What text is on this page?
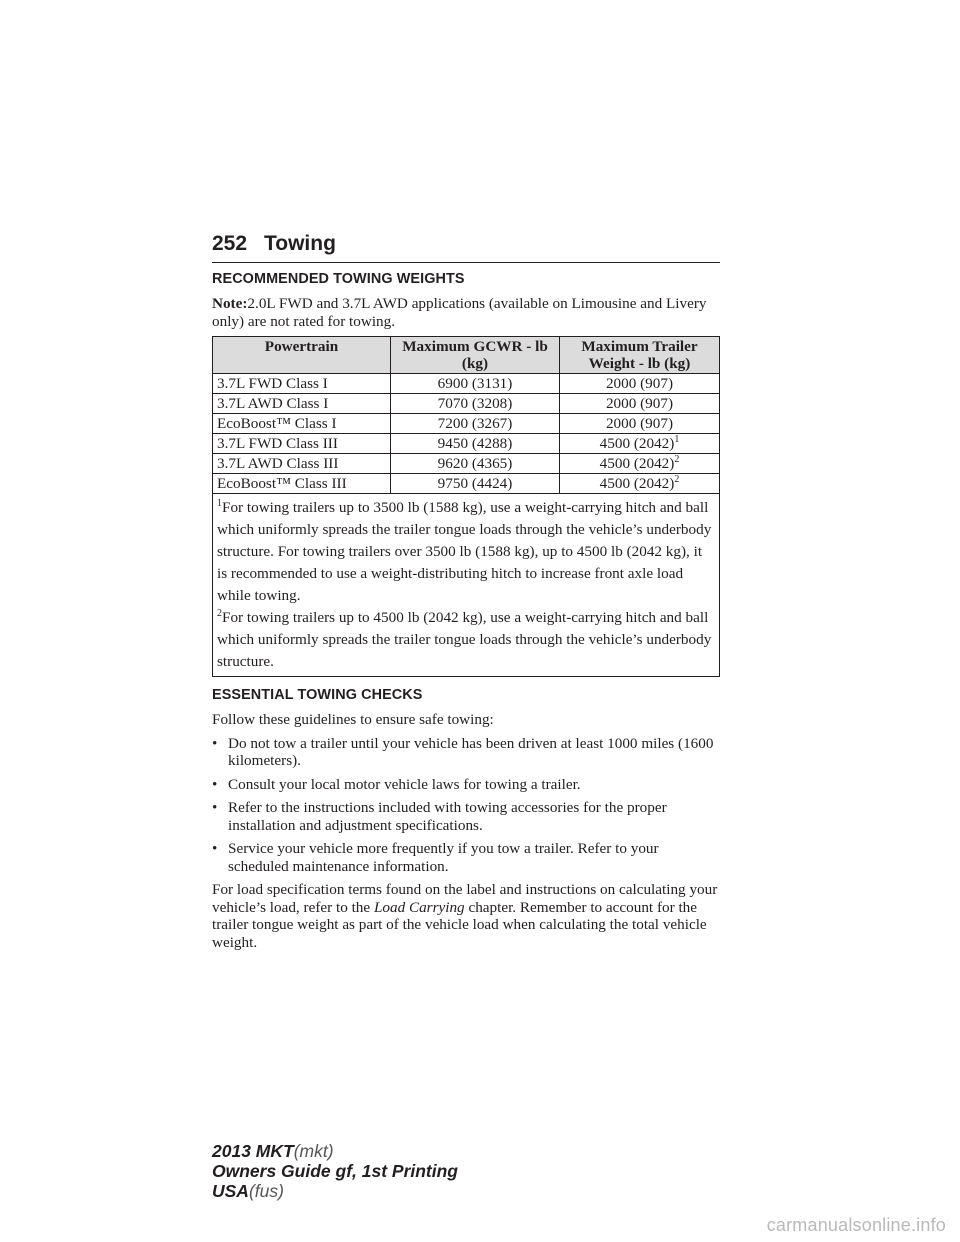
252 Towing
RECOMMENDED TOWING WEIGHTS

Note:2.0L FWD and 3.7L AWD applications (available on Limousine and Livery only) are not rated for towing.

Powertrain	Maximum GCWR - lb (kg)	Maximum Trailer Weight - lb (kg)
3.7L FWD Class I	6900 (3131)	2000 (907)
3.7L AWD Class I	7070 (3208)	2000 (907)
EcoBoost™ Class I	7200 (3267)	2000 (907)
3.7L FWD Class III	9450 (4288)	4500 $(2042)^1$
3.7L AWD Class III	9620 (4365)	4500 $(2042)^2$
EcoBoost™ Class III	9750 (4424)	4500 $(2042)^2$

$^1$For towing trailers up to 3500 lb (1588 kg), use a weight-carrying hitch and ball which uniformly spreads the trailer tongue loads through the vehicle’s underbody structure. For towing trailers over 3500 lb (1588 kg), up to 4500 lb (2042 kg), it is recommended to use a weight-distributing hitch to increase front axle load while towing.
$^2$For towing trailers up to 4500 lb (2042 kg), use a weight-carrying hitch and ball which uniformly spreads the trailer tongue loads through the vehicle’s underbody structure.		
ESSENTIAL TOWING CHECKS

Follow these guidelines to ensure safe towing:

• Do not tow a trailer until your vehicle has been driven at least 1000 miles (1600 kilometers).
• Consult your local motor vehicle laws for towing a trailer.
• Refer to the instructions included with towing accessories for the proper installation and adjustment specifications.
• Service your vehicle more frequently if you tow a trailer. Refer to your scheduled maintenance information.

For load specification terms found on the label and instructions on calculating your vehicle’s load, refer to the Load Carrying chapter. Remember to account for the trailer tongue weight as part of the vehicle load when calculating the total vehicle weight.

2013 MKT(mkt)
Owners Guide gf, 1st Printing
USA(fus)
carmanualsonline.info
